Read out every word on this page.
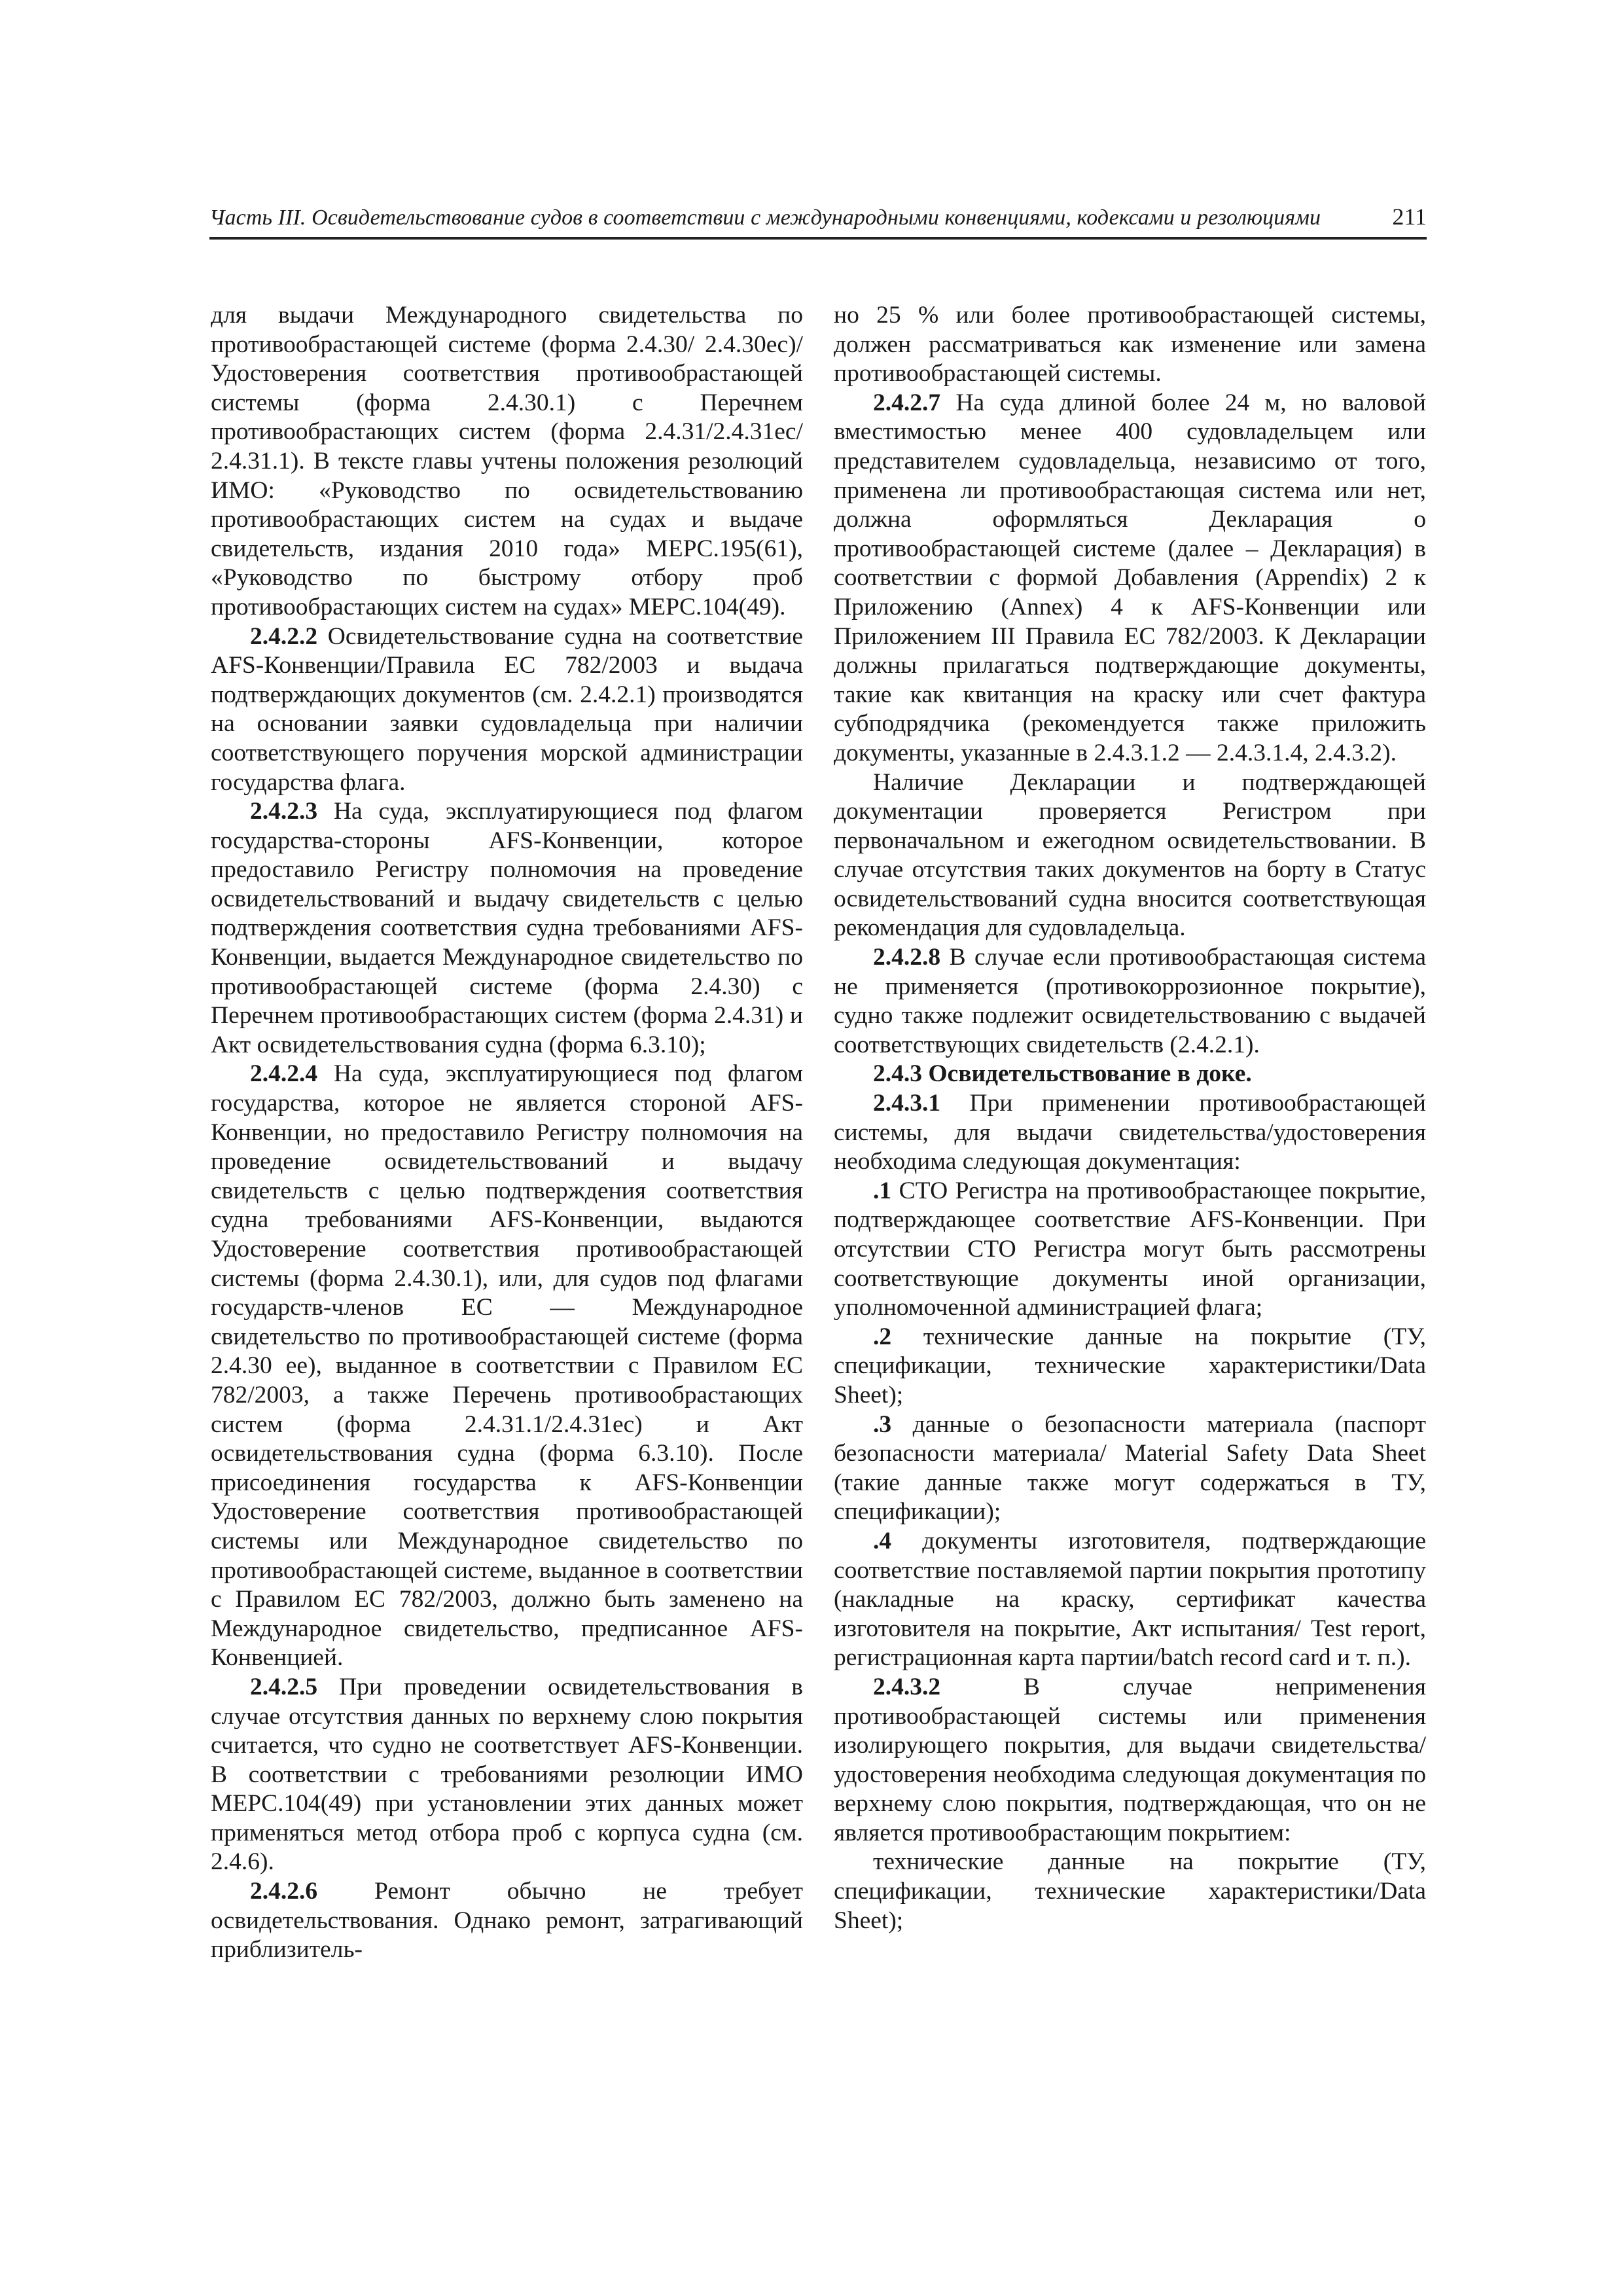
Часть III. Освидетельствование судов в соответствии с международными конвенциями, кодексами и резолюциями	211

для выдачи Международного свидетельства по противообрастающей системе (форма 2.4.30/ 2.4.30ec)/Удостоверения соответствия противообрастающей системы (форма 2.4.30.1) с Перечнем противообрастающих систем (форма 2.4.31/2.4.31ec/ 2.4.31.1). В тексте главы учтены положения резолюций ИМО: «Руководство по освидетельствованию противообрастающих систем на судах и выдаче свидетельств, издания 2010 года» MEPC.195(61), «Руководство по быстрому отбору проб противообрастающих систем на судах» MEPC.104(49).

2.4.2.2 Освидетельствование судна на соответствие AFS-Конвенции/Правила ЕС 782/2003 и выдача подтверждающих документов (см. 2.4.2.1) производятся на основании заявки судовладельца при наличии соответствующего поручения морской администрации государства флага.

2.4.2.3 На суда, эксплуатирующиеся под флагом государства-стороны AFS-Конвенции, которое предоставило Регистру полномочия на проведение освидетельствований и выдачу свидетельств с целью подтверждения соответствия судна требованиями AFS-Конвенции, выдается Международное свидетельство по противообрастающей системе (форма 2.4.30) с Перечнем противообрастающих систем (форма 2.4.31) и Акт освидетельствования судна (форма 6.3.10);

2.4.2.4 На суда, эксплуатирующиеся под флагом государства, которое не является стороной AFS-Конвенции, но предоставило Регистру полномочия на проведение освидетельствований и выдачу свидетельств с целью подтверждения соответствия судна требованиями AFS-Конвенции, выдаются Удостоверение соответствия противообрастающей системы (форма 2.4.30.1), или, для судов под флагами государств-членов ЕС — Международное свидетельство по противообрастающей системе (форма 2.4.30 ee), выданное в соответствии с Правилом ЕС 782/2003, а также Перечень противообрастающих систем (форма 2.4.31.1/2.4.31ec) и Акт освидетельствования судна (форма 6.3.10). После присоединения государства к AFS-Конвенции Удостоверение соответствия противообрастающей системы или Международное свидетельство по противообрастающей системе, выданное в соответствии с Правилом ЕС 782/2003, должно быть заменено на Международное свидетельство, предписанное AFS-Конвенцией.

2.4.2.5 При проведении освидетельствования в случае отсутствия данных по верхнему слою покрытия считается, что судно не соответствует AFS-Конвенции. В соответствии с требованиями резолюции ИМО MEPC.104(49) при установлении этих данных может применяться метод отбора проб с корпуса судна (см. 2.4.6).

2.4.2.6 Ремонт обычно не требует освидетельствования. Однако ремонт, затрагивающий приблизитель-

но 25 % или более противообрастающей системы, должен рассматриваться как изменение или замена противообрастающей системы.

2.4.2.7 На суда длиной более 24 м, но валовой вместимостью менее 400 судовладельцем или представителем судовладельца, независимо от того, применена ли противообрастающая система или нет, должна оформляться Декларация о противообрастающей системе (далее – Декларация) в соответствии с формой Добавления (Appendix) 2 к Приложению (Annex) 4 к AFS-Конвенции или Приложением III Правила ЕС 782/2003. К Декларации должны прилагаться подтверждающие документы, такие как квитанция на краску или счет фактура субподрядчика (рекомендуется также приложить документы, указанные в 2.4.3.1.2 — 2.4.3.1.4, 2.4.3.2).

Наличие Декларации и подтверждающей документации проверяется Регистром при первоначальном и ежегодном освидетельствовании. В случае отсутствия таких документов на борту в Статус освидетельствований судна вносится соответствующая рекомендация для судовладельца.

2.4.2.8 В случае если противообрастающая система не применяется (противокоррозионное покрытие), судно также подлежит освидетельствованию с выдачей соответствующих свидетельств (2.4.2.1).

2.4.3 Освидетельствование в доке.

2.4.3.1 При применении противообрастающей системы, для выдачи свидетельства/удостоверения необходима следующая документация:

.1 СТО Регистра на противообрастающее покрытие, подтверждающее соответствие AFS-Конвенции. При отсутствии СТО Регистра могут быть рассмотрены соответствующие документы иной организации, уполномоченной администрацией флага;

.2 технические данные на покрытие (ТУ, спецификации, технические характеристики/Data Sheet);

.3 данные о безопасности материала (паспорт безопасности материала/ Material Safety Data Sheet (такие данные также могут содержаться в ТУ, спецификации);

.4 документы изготовителя, подтверждающие соответствие поставляемой партии покрытия прототипу (накладные на краску, сертификат качества изготовителя на покрытие, Акт испытания/ Test report, регистрационная карта партии/batch record card и т. п.).

2.4.3.2	В случае неприменения противообрастающей системы или применения изолирующего покрытия, для выдачи свидетельства/удостоверения необходима следующая документация по верхнему слою покрытия, подтверждающая, что он не является противообрастающим покрытием:

технические данные на покрытие (ТУ, спецификации, технические характеристики/Data Sheet);
